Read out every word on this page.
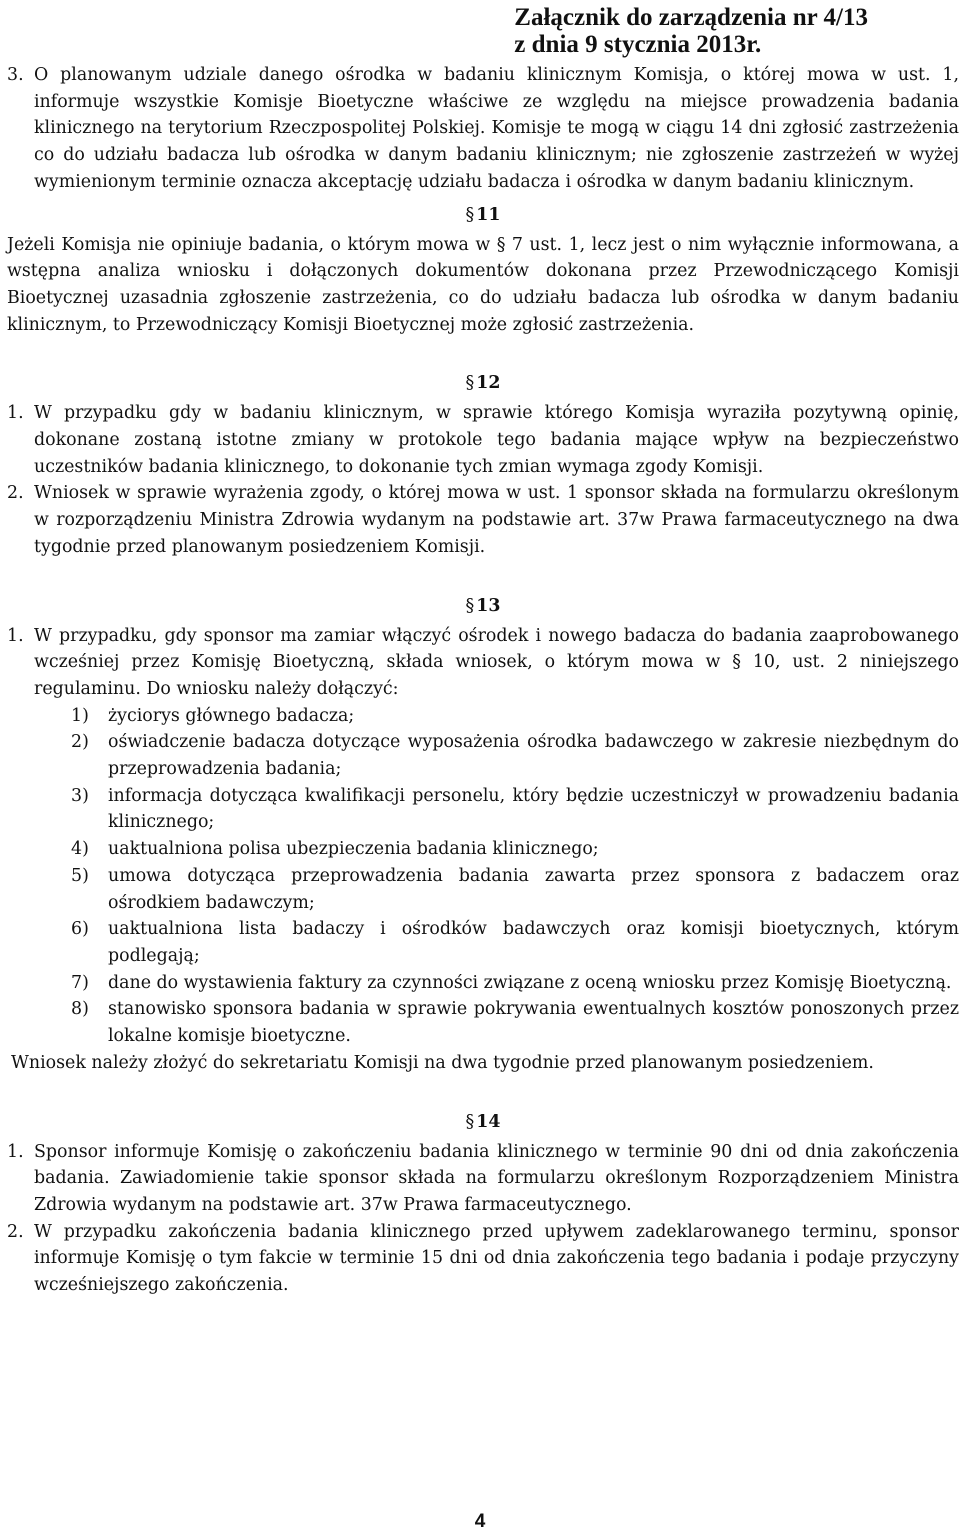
Załącznik do zarządzenia nr 4/13
z dnia 9 stycznia 2013r.
3. O planowanym udziale danego ośrodka w badaniu klinicznym Komisja, o której mowa w ust. 1, informuje wszystkie Komisje Bioetyczne właściwe ze względu na miejsce prowadzenia badania klinicznego na terytorium Rzeczpospolitej Polskiej. Komisje te mogą w ciągu 14 dni zgłosić zastrzeżenia co do udziału badacza lub ośrodka w danym badaniu klinicznym; nie zgłoszenie zastrzeżeń w wyżej wymienionym terminie oznacza akceptację udziału badacza i ośrodka w danym badaniu klinicznym.
§ 11
Jeżeli Komisja nie opiniuje badania, o którym mowa w § 7 ust. 1, lecz jest o nim wyłącznie informowana, a wstępna analiza wniosku i dołączonych dokumentów dokonana przez Przewodniczącego Komisji Bioetycznej uzasadnia zgłoszenie zastrzeżenia, co do udziału badacza lub ośrodka w danym badaniu klinicznym, to Przewodniczący Komisji Bioetycznej może zgłosić zastrzeżenia.
§ 12
1. W przypadku gdy w badaniu klinicznym, w sprawie którego Komisja wyraziła pozytywną opinię, dokonane zostaną istotne zmiany w protokole tego badania mające wpływ na bezpieczeństwo uczestników badania klinicznego, to dokonanie tych zmian wymaga zgody Komisji.
2. Wniosek w sprawie wyrażenia zgody, o której mowa w ust. 1 sponsor składa na formularzu określonym w rozporządzeniu Ministra Zdrowia wydanym na podstawie art. 37w Prawa farmaceutycznego na dwa tygodnie przed planowanym posiedzeniem Komisji.
§ 13
1. W przypadku, gdy sponsor ma zamiar włączyć ośrodek i nowego badacza do badania zaaprobowanego wcześniej przez Komisję Bioetyczną, składa wniosek, o którym mowa w § 10, ust. 2 niniejszego regulaminu. Do wniosku należy dołączyć:
1)	życiorys głównego badacza;
2)	oświadczenie badacza dotyczące wyposażenia ośrodka badawczego w zakresie niezbędnym do przeprowadzenia badania;
3)	informacja dotycząca kwalifikacji personelu, który będzie uczestniczył w prowadzeniu badania klinicznego;
4)	uaktualniona polisa ubezpieczenia badania klinicznego;
5)	umowa dotycząca przeprowadzenia badania zawarta przez sponsora z badaczem oraz ośrodkiem badawczym;
6)	uaktualniona lista badaczy i ośrodków badawczych oraz komisji bioetycznych, którym podlegają;
7)	dane do wystawienia faktury za czynności związane z oceną wniosku przez Komisję Bioetyczną.
8)	stanowisko sponsora badania w sprawie pokrywania ewentualnych kosztów ponoszonych przez lokalne komisje bioetyczne.
Wniosek należy złożyć do sekretariatu Komisji na dwa tygodnie przed planowanym posiedzeniem.
§ 14
1. Sponsor informuje Komisję o zakończeniu badania klinicznego w terminie 90 dni od dnia zakończenia badania. Zawiadomienie takie sponsor składa na formularzu określonym Rozporządzeniem Ministra Zdrowia wydanym na podstawie art. 37w Prawa farmaceutycznego.
2. W przypadku zakończenia badania klinicznego przed upływem zadeklarowanego terminu, sponsor informuje Komisję o tym fakcie w terminie 15 dni od dnia zakończenia tego badania i podaje przyczyny wcześniejszego zakończenia.
4
